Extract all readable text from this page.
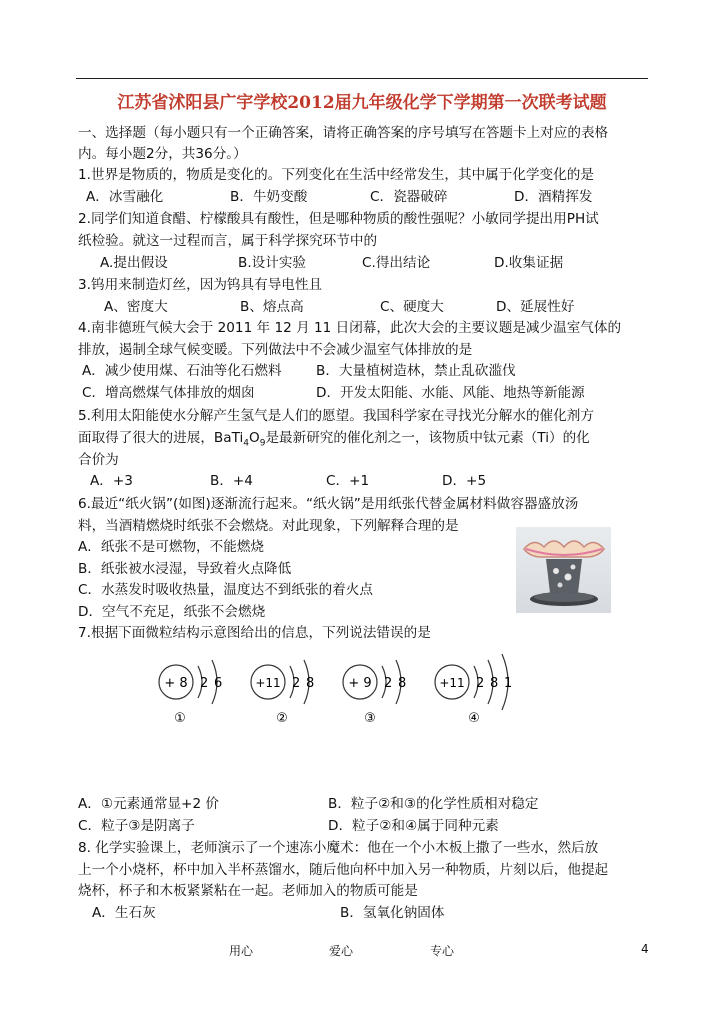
江苏省沭阳县广宇学校2012届九年级化学下学期第一次联考试题
一、选择题（每小题只有一个正确答案，请将正确答案的序号填写在答题卡上对应的表格
内。每小题2分，共36分。）
1.世界是物质的，物质是变化的。下列变化在生活中经常发生，其中属于化学变化的是
A．冰雪融化	B．牛奶变酸	C．瓷器破碎	D．酒精挥发
2.同学们知道食醋、柠檬酸具有酸性，但是哪种物质的酸性强呢？小敏同学提出用PH试
纸检验。就这一过程而言，属于科学探究环节中的
A.提出假设	B.设计实验	C.得出结论	D.收集证据
3.钨用来制造灯丝，因为钨具有导电性且
A、密度大	B、熔点高	C、硬度大	D、延展性好
4.南非德班气候大会于 2011 年 12 月 11 日闭幕，此次大会的主要议题是减少温室气体的
排放，遏制全球气候变暖。下列做法中不会减少温室气体排放的是
A．减少使用煤、石油等化石燃料	B．大量植树造林，禁止乱砍滥伐
C．增高燃煤气体排放的烟囱	D．开发太阳能、水能、风能、地热等新能源
5.利用太阳能使水分解产生氢气是人们的愿望。我国科学家在寻找光分解水的催化剂方
面取得了很大的进展，$BaTi_4O_9$是最新研究的催化剂之一，该物质中钛元素（Ti）的化
合价为
A．+3	B．+4	C．+1	D．+5
6.最近“纸火锅”(如图)逐渐流行起来。“纸火锅”是用纸张代替金属材料做容器盛放汤
料，当酒精燃烧时纸张不会燃烧。对此现象，下列解释合理的是
A．纸张不是可燃物，不能燃烧
B．纸张被水浸湿，导致着火点降低
C．水蒸发时吸收热量，温度达不到纸张的着火点
D．空气不充足，纸张不会燃烧
7.根据下面微粒结构示意图给出的信息，下列说法错误的是
+ 8 2 6
①
+11 2 8
②
+ 9 2 8
③
+11 2 8 1
④
A．①元素通常显+2 价	B．粒子②和③的化学性质相对稳定
C．粒子③是阴离子	D．粒子②和④属于同种元素
8. 化学实验课上，老师演示了一个速冻小魔术：他在一个小木板上撒了一些水，然后放
上一个小烧杯，杯中加入半杯蒸馏水，随后他向杯中加入另一种物质，片刻以后，他提起
烧杯，杯子和木板紧紧粘在一起。老师加入的物质可能是
A．生石灰	B．氢氧化钠固体
用心	爱心	专心	4
